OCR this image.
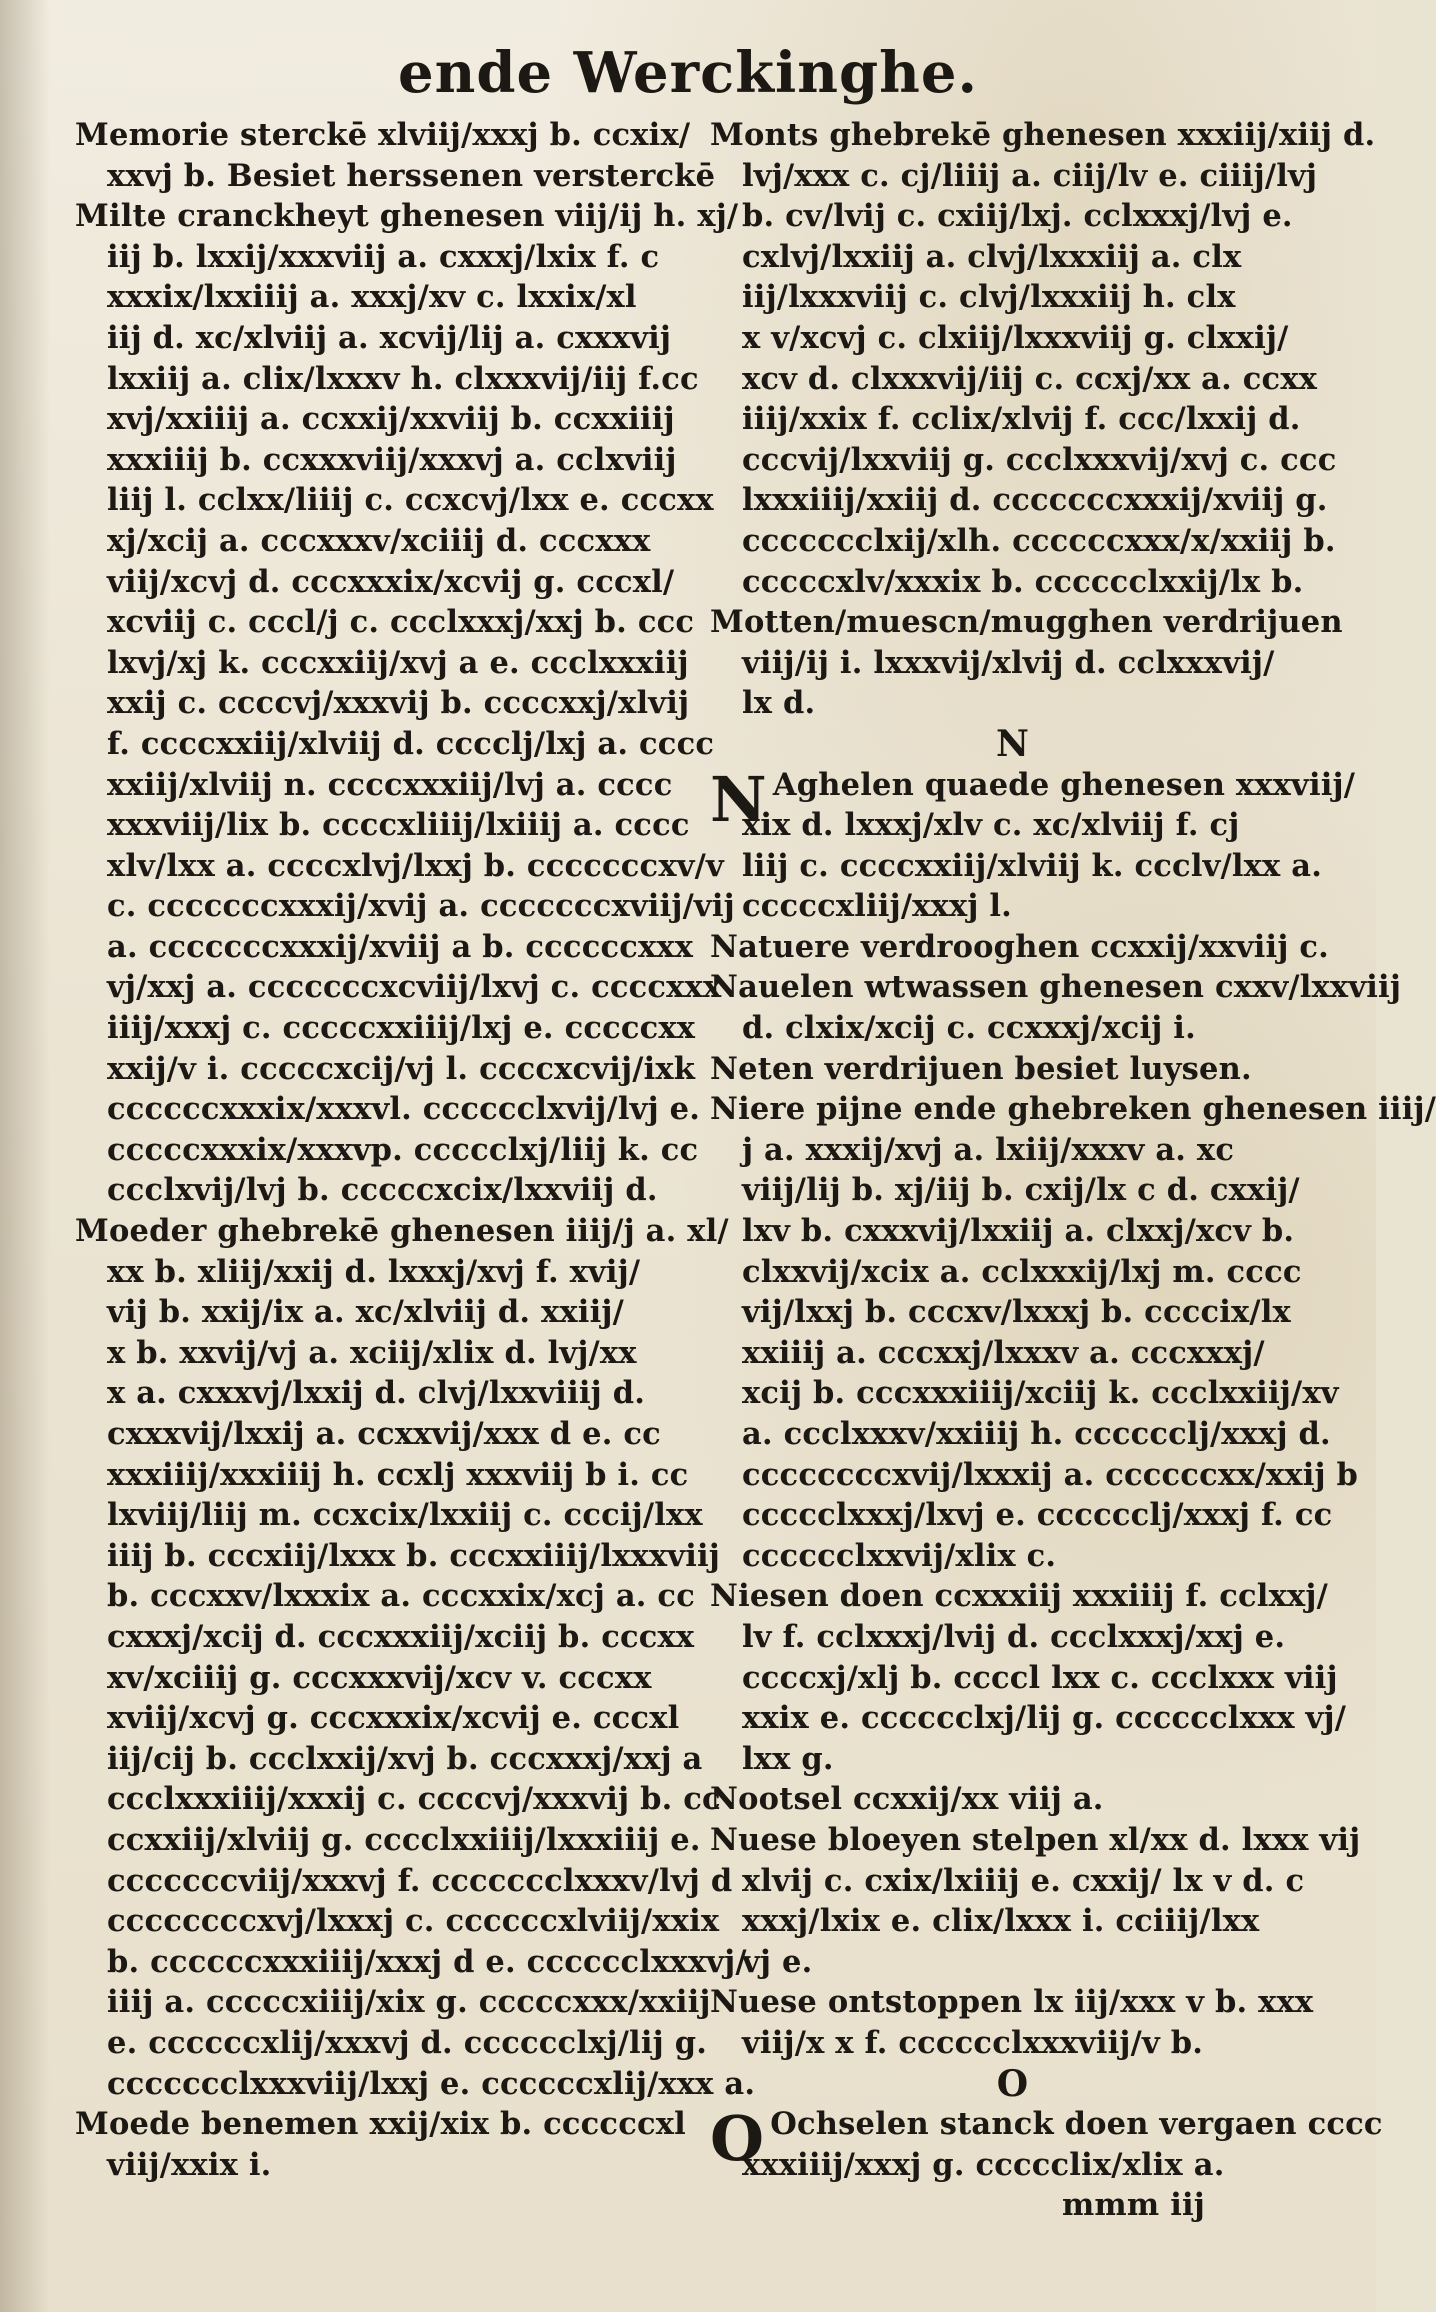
ende Werckinghe.
Memorie sterckē xlviij/xxxj b. ccxix/
xxvj b. Besiet herssenen versterckē
Milte cranckheyt ghenesen viij/ij h. xj/
iij b. lxxij/xxxviij a. cxxxj/lxix f. c
xxxix/lxxiiij a. xxxj/xv c. lxxix/xl
iij d. xc/xlviij a. xcvij/lij a. cxxxvij
lxxiij a. clix/lxxxv h. clxxxvij/iij f.cc
xvj/xxiiij a. ccxxij/xxviij b. ccxxiiij
xxxiiij b. ccxxxviij/xxxvj a. cclxviij
liij l. cclxx/liiij c. ccxcvj/lxx e. cccxx
xj/xcij a. cccxxxv/xciiij d. cccxxx
viij/xcvj d. cccxxxix/xcvij g. cccxl/
xcviij c. cccl/j c. ccclxxxj/xxj b. ccc
lxvj/xj k. cccxxiij/xvj a e. ccclxxxiij
xxij c. ccccvj/xxxvij b. ccccxxj/xlvij
f. ccccxxiij/xlviij d. cccclj/lxj a. cccc
xxiij/xlviij n. ccccxxxiij/lvj a. cccc
xxxviij/lix b. ccccxliiij/lxiiij a. cccc
xlv/lxx a. ccccxlvj/lxxj b. cccccccxv/v
c. cccccccxxxij/xvij a. cccccccxviij/vij
a. cccccccxxxij/xviij a b. ccccccxxx
vj/xxj a. cccccccxcviij/lxvj c. ccccxxx
iiij/xxxj c. cccccxxiiij/lxj e. cccccxx
xxij/v i. cccccxcij/vj l. ccccxcvij/ixk
ccccccxxxix/xxxvl. cccccclxvij/lvj e.
cccccxxxix/xxxvp. ccccclxj/liij k. cc
ccclxvij/lvj b. cccccxcix/lxxviij d.
Moeder ghebrekē ghenesen iiij/j a. xl/
xx b. xliij/xxij d. lxxxj/xvj f. xvij/
vij b. xxij/ix a. xc/xlviij d. xxiij/
x b. xxvij/vj a. xciij/xlix d. lvj/xx
x a. cxxxvj/lxxij d. clvj/lxxviiij d.
cxxxvij/lxxij a. ccxxvij/xxx d e. cc
xxxiiij/xxxiiij h. ccxlj xxxviij b i. cc
lxviij/liij m. ccxcix/lxxiij c. cccij/lxx
iiij b. cccxiij/lxxx b. cccxxiiij/lxxxviij
b. cccxxv/lxxxix a. cccxxix/xcj a. cc
cxxxj/xcij d. cccxxxiij/xciij b. cccxx
xv/xciiij g. cccxxxvij/xcv v. cccxx
xviij/xcvj g. cccxxxix/xcvij e. cccxl
iij/cij b. ccclxxij/xvj b. cccxxxj/xxj a
ccclxxxiiij/xxxij c. ccccvj/xxxvij b. cc
ccxxiij/xlviij g. cccclxxiiij/lxxxiiij e.
cccccccviij/xxxvj f. ccccccclxxxv/lvj d
ccccccccxvj/lxxxj c. ccccccxlviij/xxix
b. ccccccxxxiiij/xxxj d e. cccccclxxxvj/
iiij a. cccccxiiij/xix g. cccccxxx/xxiij
e. ccccccxlij/xxxvj d. cccccclxj/lij g.
ccccccclxxxviij/lxxj e. ccccccxlij/xxx a.
Moede benemen xxij/xix b. ccccccxl
viij/xxix i.
Monts ghebrekē ghenesen xxxiij/xiij d.
lvj/xxx c. cj/liiij a. ciij/lv e. ciiij/lvj
b. cv/lvij c. cxiij/lxj. cclxxxj/lvj e.
cxlvj/lxxiij a. clvj/lxxxiij a. clx
iij/lxxxviij c. clvj/lxxxiij h. clx
x v/xcvj c. clxiij/lxxxviij g. clxxij/
xcv d. clxxxvij/iij c. ccxj/xx a. ccxx
iiij/xxix f. cclix/xlvij f. ccc/lxxij d.
cccvij/lxxviij g. ccclxxxvij/xvj c. ccc
lxxxiiij/xxiij d. cccccccxxxij/xviij g.
ccccccclxij/xlh. ccccccxxx/x/xxiij b.
cccccxlv/xxxix b. cccccclxxij/lx b.
Motten/muescn/mugghen verdrijuen
viij/ij i. lxxxvij/xlvij d. cclxxxvij/
lx d.
N
N Aghelen quaede ghenesen xxxviij/
xix d. lxxxj/xlv c. xc/xlviij f. cj
liij c. ccccxxiij/xlviij k. ccclv/lxx a.
cccccxliij/xxxj l.
Natuere verdrooghen ccxxij/xxviij c.
Nauelen wtwassen ghenesen cxxv/lxxviij
d. clxix/xcij c. ccxxxj/xcij i.
Neten verdrijuen besiet luysen.
Niere pijne ende ghebreken ghenesen iiij/
j a. xxxij/xvj a. lxiij/xxxv a. xc
viij/lij b. xj/iij b. cxij/lx c d. cxxij/
lxv b. cxxxvij/lxxiij a. clxxj/xcv b.
clxxvij/xcix a. cclxxxij/lxj m. cccc
vij/lxxj b. cccxv/lxxxj b. ccccix/lx
xxiiij a. cccxxj/lxxxv a. cccxxxj/
xcij b. cccxxxiiij/xciij k. ccclxxiij/xv
a. ccclxxxv/xxiiij h. cccccclj/xxxj d.
ccccccccxvij/lxxxij a. ccccccxx/xxij b
ccccclxxxj/lxvj e. cccccclj/xxxj f. cc
cccccclxxvij/xlix c.
Niesen doen ccxxxiij xxxiiij f. cclxxj/
lv f. cclxxxj/lvij d. ccclxxxj/xxj e.
ccccxj/xlj b. ccccl lxx c. ccclxxx viij
xxix e. cccccclxj/lij g. cccccclxxx vj/
lxx g.
Nootsel ccxxij/xx viij a.
Nuese bloeyen stelpen xl/xx d. lxxx vij
xlvij c. cxix/lxiiij e. cxxij/ lx v d. c
xxxj/lxix e. clix/lxxx i. cciiij/lxx
vj e.
Nuese ontstoppen lx iij/xxx v b. xxx
viij/x x f. cccccclxxxviij/v b.
O
O Ochselen stanck doen vergaen cccc
xxxiiij/xxxj g. ccccclix/xlix a.
mmm iij
